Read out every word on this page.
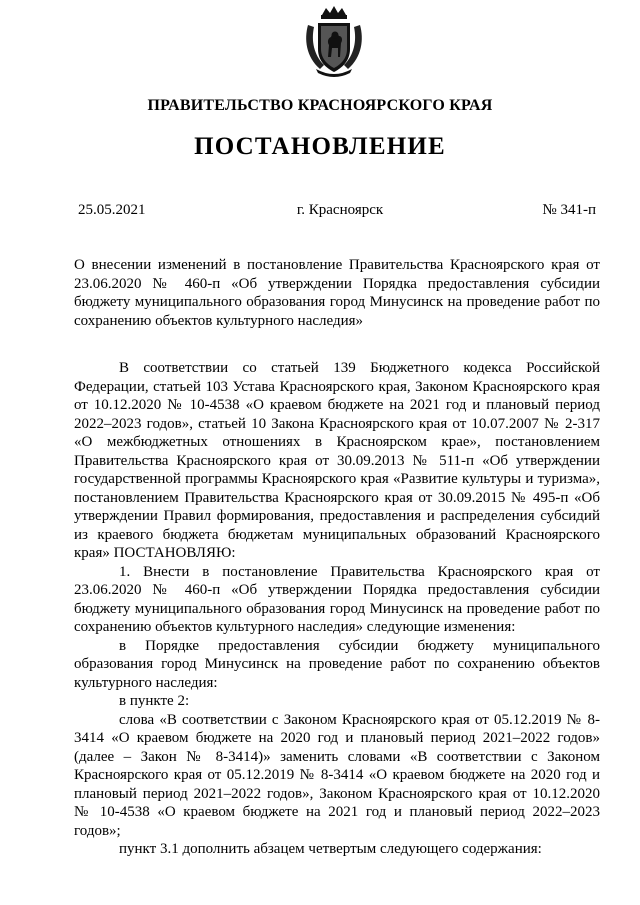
ПРАВИТЕЛЬСТВО КРАСНОЯРСКОГО КРАЯ
ПОСТАНОВЛЕНИЕ
25.05.2021	г. Красноярск	№ 341-п

О внесении изменений в постановление Правительства Красноярского края от 23.06.2020 № 460-п «Об утверждении Порядка предоставления субсидии бюджету муниципального образования город Минусинск на проведение работ по сохранению объектов культурного наследия»

В соответствии со статьей 139 Бюджетного кодекса Российской Федерации, статьей 103 Устава Красноярского края, Законом Красноярского края от 10.12.2020 № 10-4538 «О краевом бюджете на 2021 год и плановый период 2022–2023 годов», статьей 10 Закона Красноярского края от 10.07.2007 № 2-317 «О межбюджетных отношениях в Красноярском крае», постановлением Правительства Красноярского края от 30.09.2013 № 511-п «Об утверждении государственной программы Красноярского края «Развитие культуры и туризма», постановлением Правительства Красноярского края от 30.09.2015 № 495-п «Об утверждении Правил формирования, предоставления и распределения субсидий из краевого бюджета бюджетам муниципальных образований Красноярского края» ПОСТАНОВЛЯЮ:

1. Внести в постановление Правительства Красноярского края от 23.06.2020 № 460-п «Об утверждении Порядка предоставления субсидии бюджету муниципального образования город Минусинск на проведение работ по сохранению объектов культурного наследия» следующие изменения:

в Порядке предоставления субсидии бюджету муниципального образования город Минусинск на проведение работ по сохранению объектов культурного наследия:

в пункте 2:

слова «В соответствии с Законом Красноярского края от 05.12.2019 № 8-3414 «О краевом бюджете на 2020 год и плановый период 2021–2022 годов» (далее – Закон № 8-3414)» заменить словами «В соответствии с Законом Красноярского края от 05.12.2019 № 8-3414 «О краевом бюджете на 2020 год и плановый период 2021–2022 годов», Законом Красноярского края от 10.12.2020 № 10-4538 «О краевом бюджете на 2021 год и плановый период 2022–2023 годов»;

пункт 3.1 дополнить абзацем четвертым следующего содержания:
